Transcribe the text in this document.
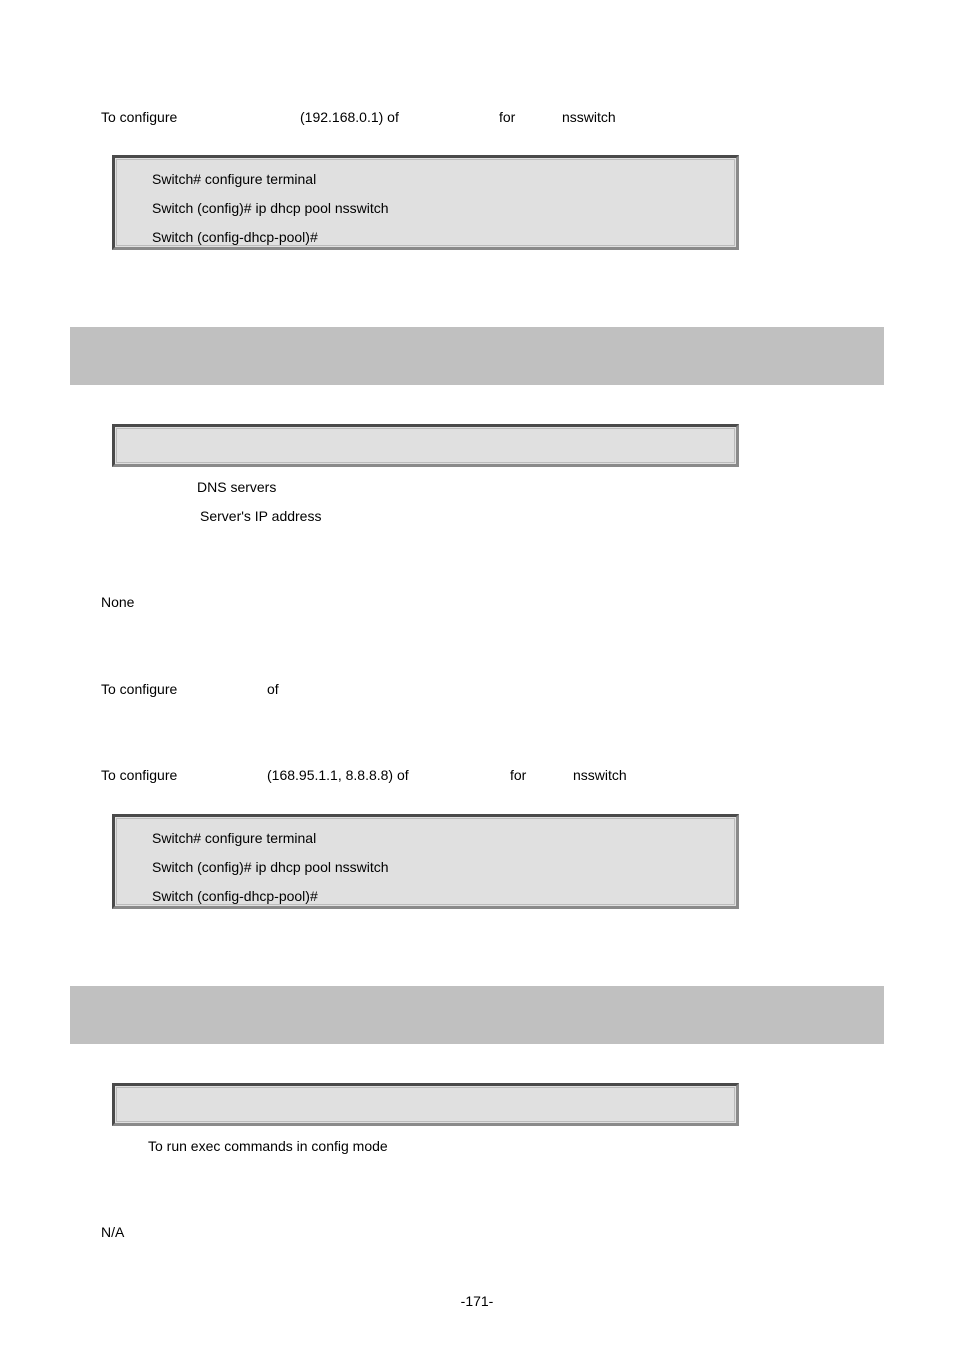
To configure	(192.168.0.1) of	for	nsswitch
Switch# configure terminal
Switch (config)# ip dhcp pool nsswitch
Switch (config-dhcp-pool)#
DNS servers
Server's IP address
None
To configure	of
To configure	(168.95.1.1, 8.8.8.8) of	for	nsswitch
Switch# configure terminal
Switch (config)# ip dhcp pool nsswitch
Switch (config-dhcp-pool)#
To run exec commands in config mode
N/A
-171-
